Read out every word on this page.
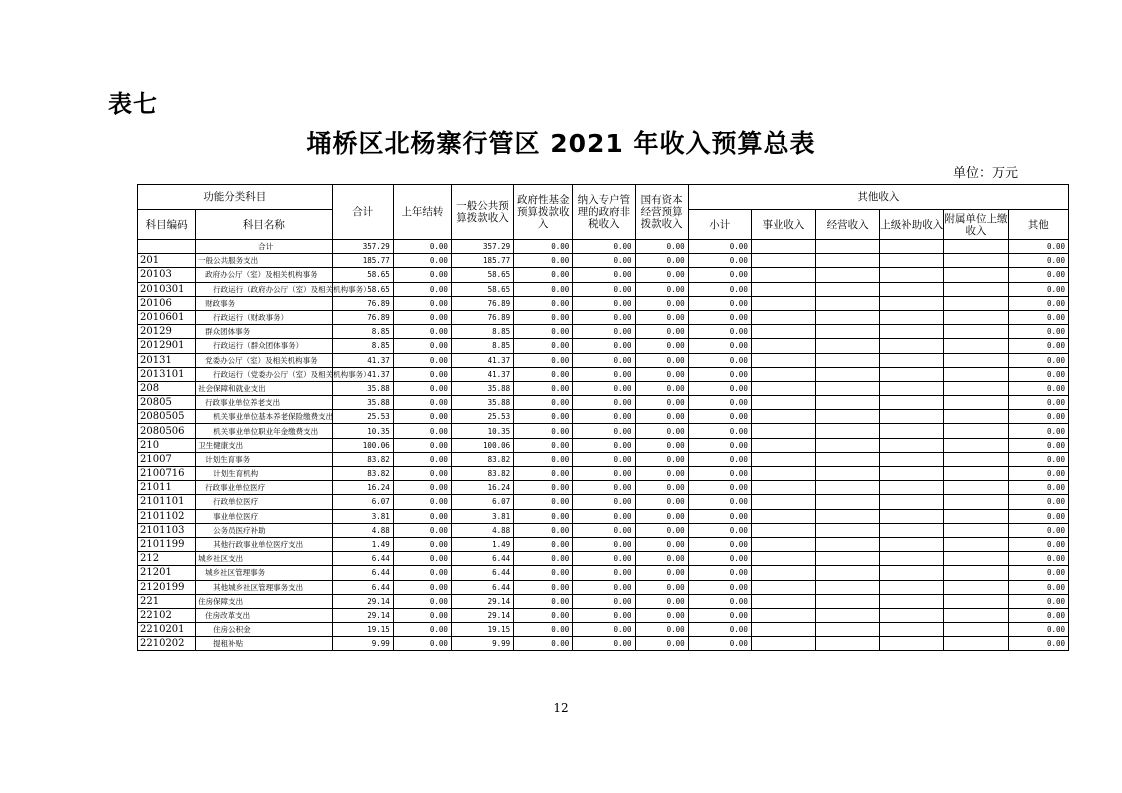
表七
埇桥区北杨寨行管区 2021 年收入预算总表
单位：万元
功能分类科目		合计	上年结转	一般公共预算拨款收入	政府性基金预算拨款收入	纳入专户管理的政府非税收入	国有资本经营预算拨款收入	其他收入					
科目编码	科目名称							小计	事业收入	经营收入	上级补助收入	附属单位上缴收入	其他
	合计	357.29	0.00	357.29	0.00	0.00	0.00	0.00					0.00
201	一般公共服务支出	185.77	0.00	185.77	0.00	0.00	0.00	0.00					0.00
20103	政府办公厅（室）及相关机构事务	58.65	0.00	58.65	0.00	0.00	0.00	0.00					0.00
2010301	行政运行（政府办公厅（室）及相关机构事务）	58.65	0.00	58.65	0.00	0.00	0.00	0.00					0.00
20106	财政事务	76.89	0.00	76.89	0.00	0.00	0.00	0.00					0.00
2010601	行政运行（财政事务）	76.89	0.00	76.89	0.00	0.00	0.00	0.00					0.00
20129	群众团体事务	8.85	0.00	8.85	0.00	0.00	0.00	0.00					0.00
2012901	行政运行（群众团体事务）	8.85	0.00	8.85	0.00	0.00	0.00	0.00					0.00
20131	党委办公厅（室）及相关机构事务	41.37	0.00	41.37	0.00	0.00	0.00	0.00					0.00
2013101	行政运行（党委办公厅（室）及相关机构事务）	41.37	0.00	41.37	0.00	0.00	0.00	0.00					0.00
208	社会保障和就业支出	35.88	0.00	35.88	0.00	0.00	0.00	0.00					0.00
20805	行政事业单位养老支出	35.88	0.00	35.88	0.00	0.00	0.00	0.00					0.00
2080505	机关事业单位基本养老保险缴费支出	25.53	0.00	25.53	0.00	0.00	0.00	0.00					0.00
2080506	机关事业单位职业年金缴费支出	10.35	0.00	10.35	0.00	0.00	0.00	0.00					0.00
210	卫生健康支出	100.06	0.00	100.06	0.00	0.00	0.00	0.00					0.00
21007	计划生育事务	83.82	0.00	83.82	0.00	0.00	0.00	0.00					0.00
2100716	计划生育机构	83.82	0.00	83.82	0.00	0.00	0.00	0.00					0.00
21011	行政事业单位医疗	16.24	0.00	16.24	0.00	0.00	0.00	0.00					0.00
2101101	行政单位医疗	6.07	0.00	6.07	0.00	0.00	0.00	0.00					0.00
2101102	事业单位医疗	3.81	0.00	3.81	0.00	0.00	0.00	0.00					0.00
2101103	公务员医疗补助	4.88	0.00	4.88	0.00	0.00	0.00	0.00					0.00
2101199	其他行政事业单位医疗支出	1.49	0.00	1.49	0.00	0.00	0.00	0.00					0.00
212	城乡社区支出	6.44	0.00	6.44	0.00	0.00	0.00	0.00					0.00
21201	城乡社区管理事务	6.44	0.00	6.44	0.00	0.00	0.00	0.00					0.00
2120199	其他城乡社区管理事务支出	6.44	0.00	6.44	0.00	0.00	0.00	0.00					0.00
221	住房保障支出	29.14	0.00	29.14	0.00	0.00	0.00	0.00					0.00
22102	住房改革支出	29.14	0.00	29.14	0.00	0.00	0.00	0.00					0.00
2210201	住房公积金	19.15	0.00	19.15	0.00	0.00	0.00	0.00					0.00
2210202	提租补贴	9.99	0.00	9.99	0.00	0.00	0.00	0.00					0.00
12
